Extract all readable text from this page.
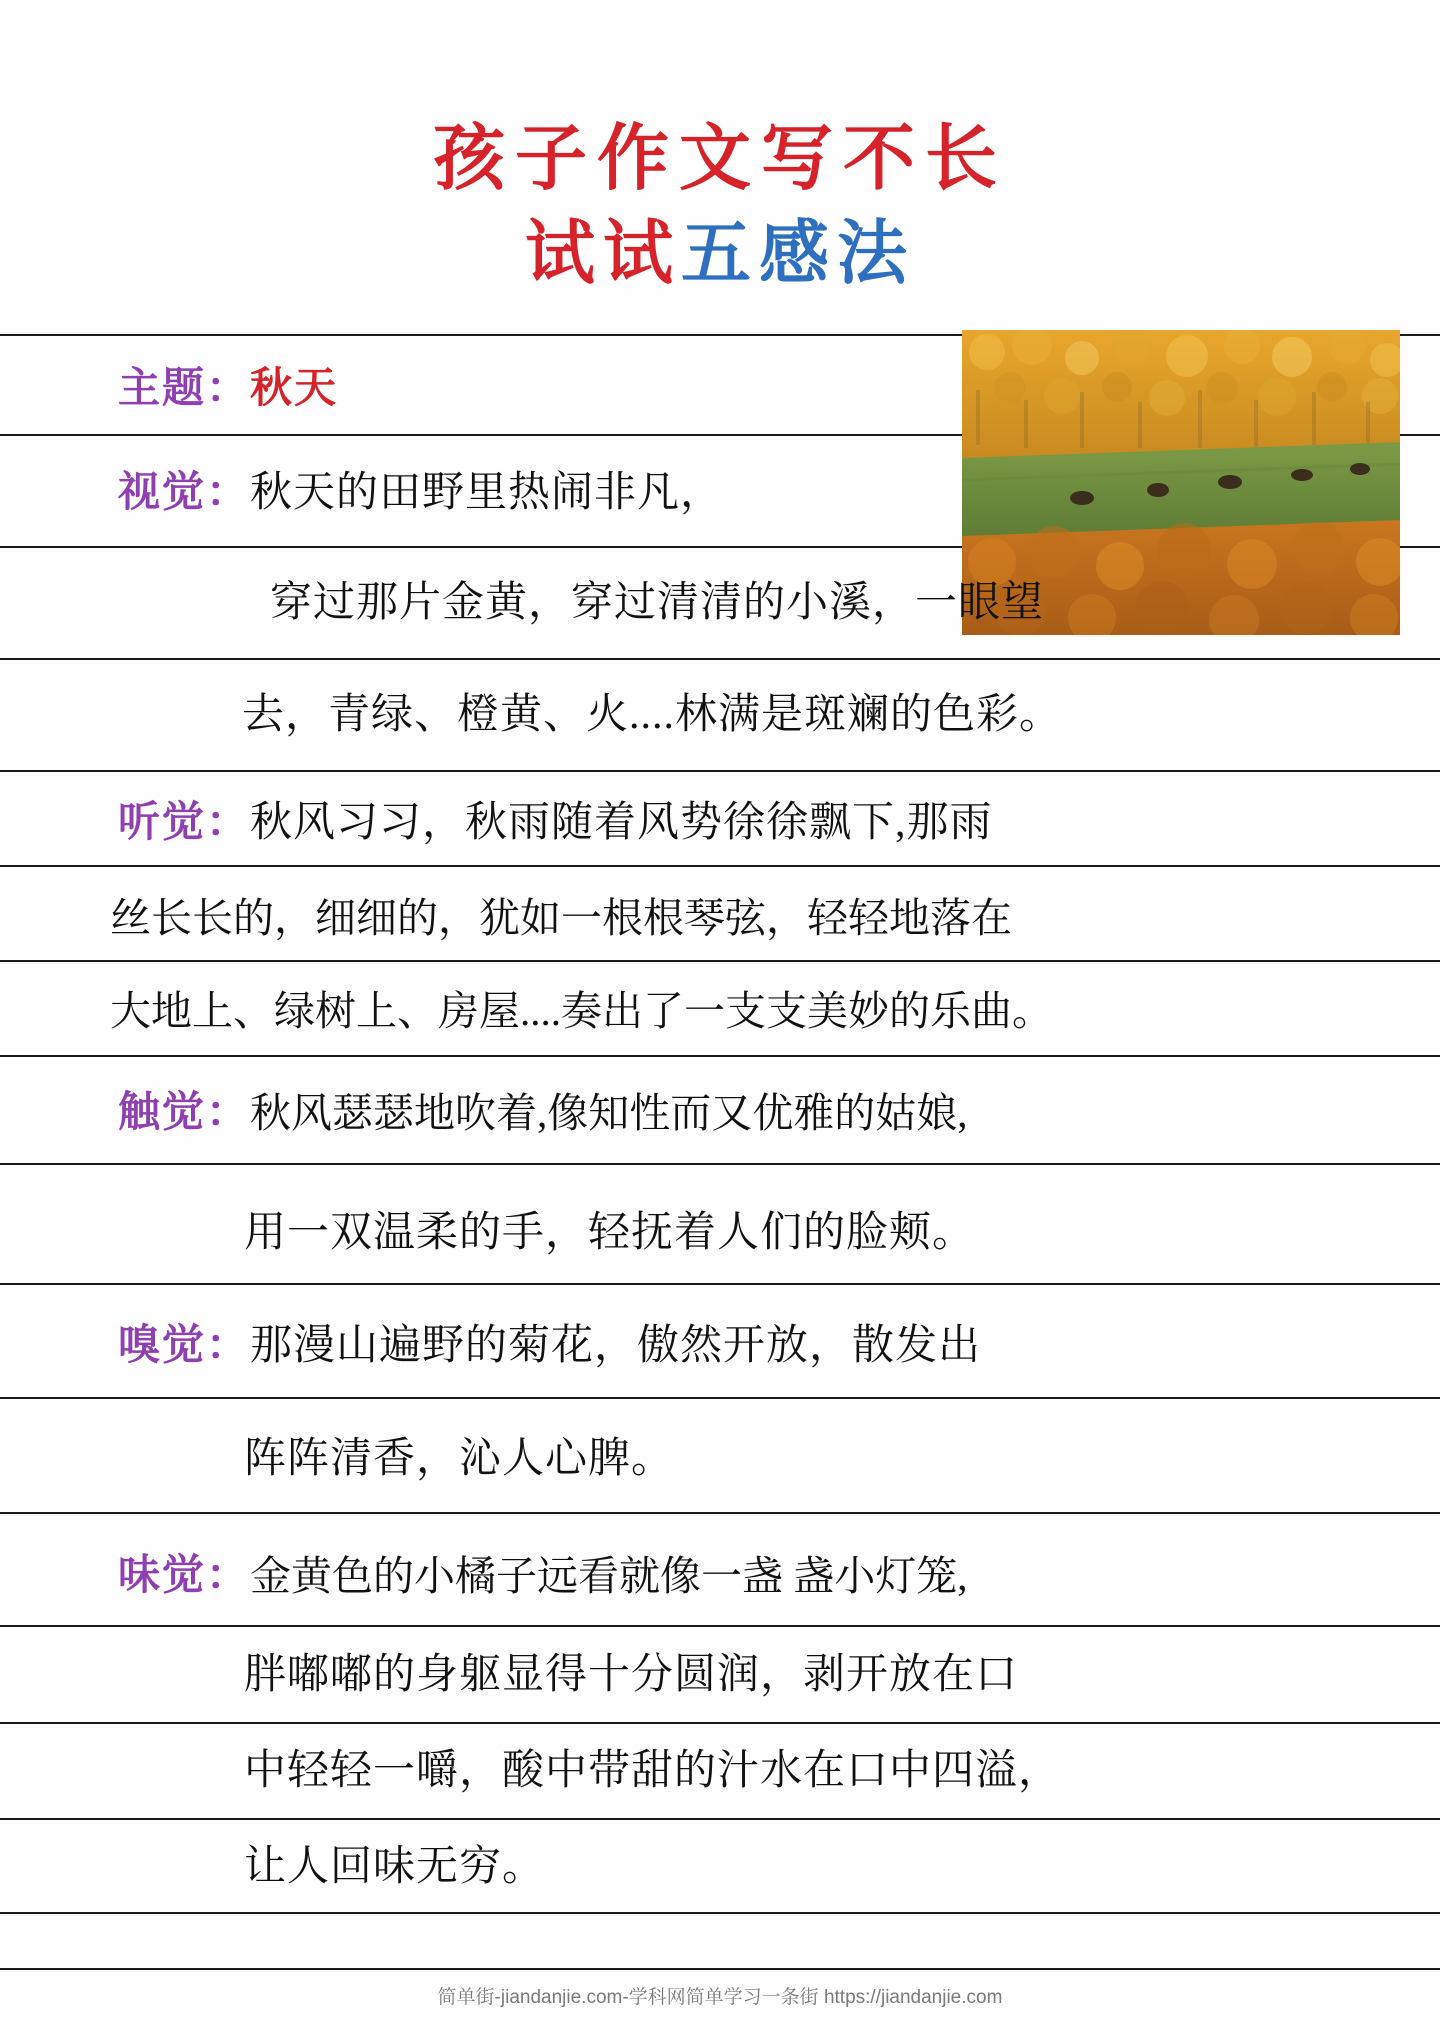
孩子作文写不长
试试五感法
主题： 秋天
视觉： 秋天的田野里热闹非凡，
穿过那片金黄，穿过清清的小溪，一眼望
去，青绿、橙黄、火....林满是斑斓的色彩。
听觉： 秋风习习，秋雨随着风势徐徐飘下,那雨
丝长长的，细细的，犹如一根根琴弦，轻轻地落在
大地上、绿树上、房屋....奏出了一支支美妙的乐曲。
触觉： 秋风瑟瑟地吹着,像知性而又优雅的姑娘,
用一双温柔的手，轻抚着人们的脸颊。
嗅觉： 那漫山遍野的菊花，傲然开放，散发出
阵阵清香，沁人心脾。
味觉： 金黄色的小橘子远看就像一盏 盏小灯笼,
胖嘟嘟的身躯显得十分圆润，剥开放在口
中轻轻一嚼，酸中带甜的汁水在口中四溢，
让人回味无穷。
简单街-jiandanjie.com-学科网简单学习一条街 https://jiandanjie.com
